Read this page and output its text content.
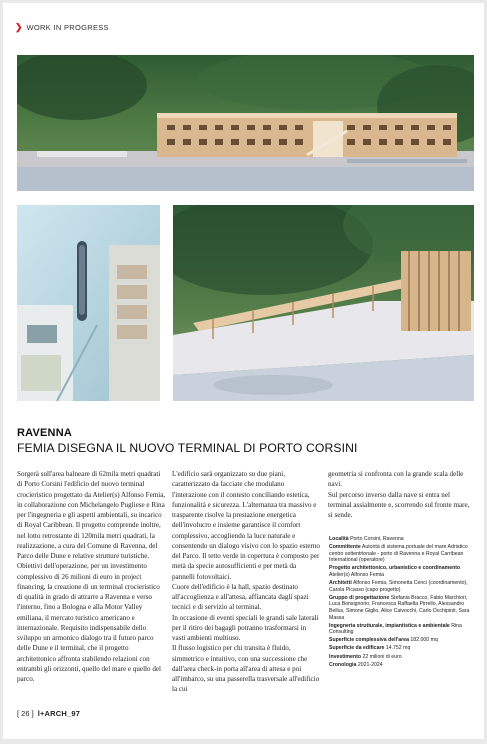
❯ WORK IN PROGRESS
RAVENNA
FEMIA DISEGNA IL NUOVO TERMINAL DI PORTO CORSINI

Sorgerà sull'area balneare di 62mila metri quadrati di Porto Corsini l'edificio del nuovo terminal crocieristico progettato da Atelier(s) Alfonso Femia, in collaborazione con Michelangelo Pugliese e Rina per l'ingegneria e gli aspetti ambientali, su incarico di Royal Caribbean. Il progetto comprende inoltre, nel lotto retrostante di 120mila metri quadrati, la realizzazione, a cura del Comune di Ravenna, del Parco delle Dune e relative strutture turistiche. Obiettivi dell'operazione, per un investimento complessivo di 26 milioni di euro in project financing, la creazione di un terminal crocieristico di qualità in grado di attrarre a Ravenna e verso l'interno, fino a Bologna e alla Motor Valley emiliana, il mercato turistico americano e internazionale. Requisito indispensabile dello sviluppo un armonico dialogo tra il futuro parco delle Dune e il terminal, che il progetto architettonico affronta stabilendo relazioni con entrambi gli orizzonti, quello del mare e quello del parco.

L'edificio sarà organizzato su due piani, caratterizzato da facciate che modulano l'interazione con il contesto conciliando estetica, funzionalità e sicurezza. L'alternanza tra massivo e trasparente risolve la prestazione energetica dell'involucro e insieme garantisce il comfort complessivo, accogliendo la luce naturale e consentendo un dialogo visivo con lo spazio esterno del Parco. Il tetto verde in copertura è composto per metà da specie autosufficienti e per metà da pannelli fotovoltaici.
Cuore dell'edificio è la hall, spazio destinato all'accoglienza e all'attesa, affiancata dagli spazi tecnici e di servizio al terminal.
In occasione di eventi speciali le grandi sale laterali per il ritiro dei bagagli potranno trasformarsi in vasti ambienti multiuso.
Il flusso logistico per chi transita è fluido, simmetrico e intuitivo, con una successione che dall'area check-in porta all'area di attesa e poi all'imbarco, su una passerella trasversale all'edificio la cui

geometria si confronta con la grande scala delle navi.
Sul percorso inverso dalla nave si entra nel terminal assialmente e, scorrendo sul fronte mare, si sende.

Località Porto Corsini, Ravenna
Committente Autorità di sistema portuale del mare Adriatico centro settentrionale - porto di Ravenna e Royal Carribean International (operatore)
Progetto architettonico, urbanistico e coordinamento Atelier(s) Alfonso Femia
Architetti Alfonso Femia, Simonetta Cenci (coordinamento), Carola Picasso (capo progetto)
Gruppo di progettazione Stefania Bracco, Fabio Marchiori, Luca Bonsignorio, Francesca Raffaella Pirrello, Alessandro Bellus, Simone Giglio, Alice Caivocchi, Carlo Occhipinti, Sara Massa
Ingegneria strutturale, impiantistica e ambientale Rina Consulting
Superficie complessiva dell'area 182.000 mq
Superficie da edificare 14.752 mq
Investimento 22 milioni di euro
Cronologia 2021-2024
[ 26 ] l+ARCH_97
